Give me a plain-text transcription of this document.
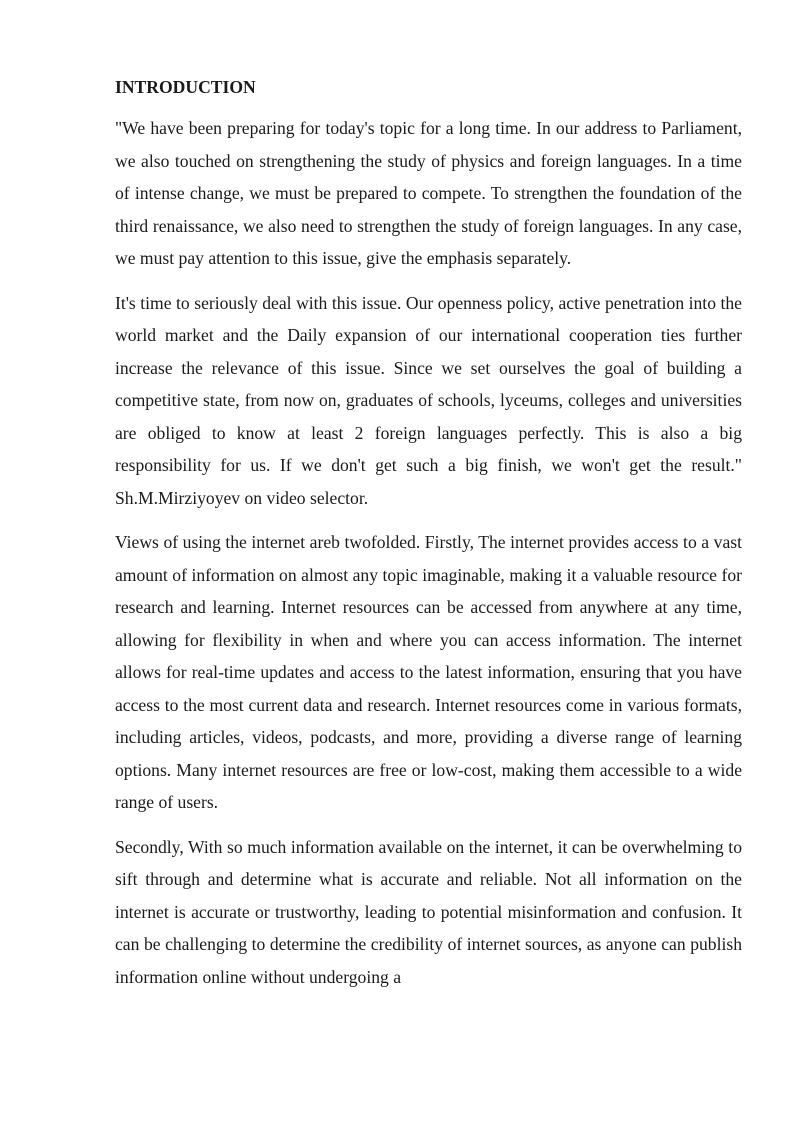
INTRODUCTION

"We have been preparing for today's topic for a long time. In our address to Parliament, we also touched on strengthening the study of physics and foreign languages. In a time of intense change, we must be prepared to compete. To strengthen the foundation of the third renaissance, we also need to strengthen the study of foreign languages. In any case, we must pay attention to this issue, give the emphasis separately.

It's time to seriously deal with this issue. Our openness policy, active penetration into the world market and the Daily expansion of our international cooperation ties further increase the relevance of this issue. Since we set ourselves the goal of building a competitive state, from now on, graduates of schools, lyceums, colleges and universities are obliged to know at least 2 foreign languages perfectly. This is also a big responsibility for us. If we don't get such a big finish, we won't get the result." Sh.M.Mirziyoyev on video selector.

Views of using the internet areb twofolded. Firstly, The internet provides access to a vast amount of information on almost any topic imaginable, making it a valuable resource for research and learning. Internet resources can be accessed from anywhere at any time, allowing for flexibility in when and where you can access information. The internet allows for real-time updates and access to the latest information, ensuring that you have access to the most current data and research. Internet resources come in various formats, including articles, videos, podcasts, and more, providing a diverse range of learning options. Many internet resources are free or low-cost, making them accessible to a wide range of users.

Secondly, With so much information available on the internet, it can be overwhelming to sift through and determine what is accurate and reliable. Not all information on the internet is accurate or trustworthy, leading to potential misinformation and confusion. It can be challenging to determine the credibility of internet sources, as anyone can publish information online without undergoing a
